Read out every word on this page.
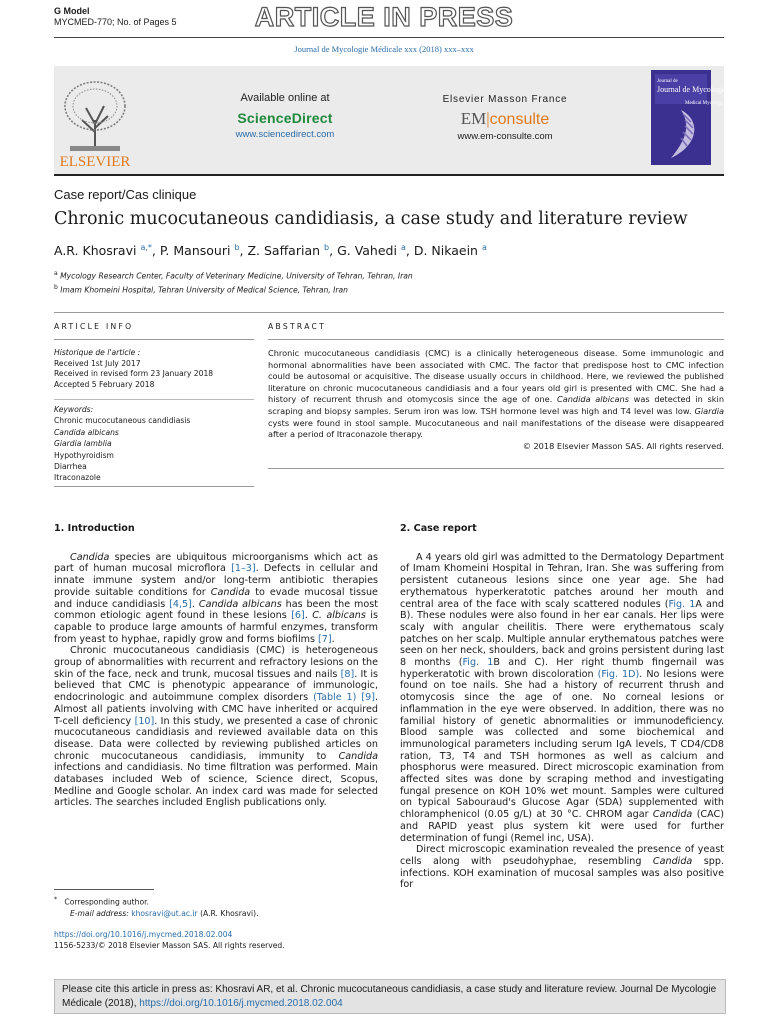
G Model
MYCMED-770; No. of Pages 5	ARTICLE IN PRESS
Journal de Mycologie Médicale xxx (2018) xxx–xxx
ELSEVIER
Available online at
ScienceDirect
www.sciencedirect.com
Elsevier Masson France
EM|consulte
www.em-consulte.com
Journal de
Journal de Mycologie Médicale
Medical Mycology
Case report/Cas clinique
Chronic mucocutaneous candidiasis, a case study and literature review
A.R. Khosravi $^{a,*}$, P. Mansouri $^b$, Z. Saffarian $^b$, G. Vahedi $^a$, D. Nikaein $^a$
$^a$ Mycology Research Center, Faculty of Veterinary Medicine, University of Tehran, Tehran, Iran
$^b$ Imam Khomeini Hospital, Tehran University of Medical Science, Tehran, Iran
ARTICLE INFO	ABSTRACT
Historique de l'article :
Received 1st July 2017
Received in revised form 23 January 2018
Accepted 5 February 2018
Keywords:
Chronic mucocutaneous candidiasis
Candida albicans
Giardia lamblia
Hypothyroidism
Diarrhea
Itraconazole
Chronic mucocutaneous candidiasis (CMC) is a clinically heterogeneous disease. Some immunologic and hormonal abnormalities have been associated with CMC. The factor that predispose host to CMC infection could be autosomal or acquisitive. The disease usually occurs in childhood. Here, we reviewed the published literature on chronic mucocutaneous candidiasis and a four years old girl is presented with CMC. She had a history of recurrent thrush and otomycosis since the age of one. Candida albicans was detected in skin scraping and biopsy samples. Serum iron was low. TSH hormone level was high and T4 level was low. Giardia cysts were found in stool sample. Mucocutaneous and nail manifestations of the disease were disappeared after a period of Itraconazole therapy.
© 2018 Elsevier Masson SAS. All rights reserved.
1. Introduction

Candida species are ubiquitous microorganisms which act as part of human mucosal microflora [1–3]. Defects in cellular and innate immune system and/or long-term antibiotic therapies provide suitable conditions for Candida to evade mucosal tissue and induce candidiasis [4,5]. Candida albicans has been the most common etiologic agent found in these lesions [6]. C. albicans is capable to produce large amounts of harmful enzymes, transform from yeast to hyphae, rapidly grow and forms biofilms [7].

Chronic mucocutaneous candidiasis (CMC) is heterogeneous group of abnormalities with recurrent and refractory lesions on the skin of the face, neck and trunk, mucosal tissues and nails [8]. It is believed that CMC is phenotypic appearance of immunologic, endocrinologic and autoimmune complex disorders (Table 1) [9]. Almost all patients involving with CMC have inherited or acquired T-cell deficiency [10]. In this study, we presented a case of chronic mucocutaneous candidiasis and reviewed available data on this disease. Data were collected by reviewing published articles on chronic mucocutaneous candidiasis, immunity to Candida infections and candidiasis. No time filtration was performed. Main databases included Web of science, Science direct, Scopus, Medline and Google scholar. An index card was made for selected articles. The searches included English publications only.

2. Case report

A 4 years old girl was admitted to the Dermatology Department of Imam Khomeini Hospital in Tehran, Iran. She was suffering from persistent cutaneous lesions since one year age. She had erythematous hyperkeratotic patches around her mouth and central area of the face with scaly scattered nodules (Fig. 1A and B). These nodules were also found in her ear canals. Her lips were scaly with angular cheilitis. There were erythematous scaly patches on her scalp. Multiple annular erythematous patches were seen on her neck, shoulders, back and groins persistent during last 8 months (Fig. 1B and C). Her right thumb fingernail was hyperkeratotic with brown discoloration (Fig. 1D). No lesions were found on toe nails. She had a history of recurrent thrush and otomycosis since the age of one. No corneal lesions or inflammation in the eye were observed. In addition, there was no familial history of genetic abnormalities or immunodeficiency. Blood sample was collected and some biochemical and immunological parameters including serum IgA levels, T CD4/CD8 ration, T3, T4 and TSH hormones as well as calcium and phosphorus were measured. Direct microscopic examination from affected sites was done by scraping method and investigating fungal presence on KOH 10% wet mount. Samples were cultured on typical Sabouraud's Glucose Agar (SDA) supplemented with chloramphenicol (0.05 g/L) at 30 °C. CHROM agar Candida (CAC) and RAPID yeast plus system kit were used for further determination of fungi (Remel inc, USA).

Direct microscopic examination revealed the presence of yeast cells along with pseudohyphae, resembling Candida spp. infections. KOH examination of mucosal samples was also positive for

* Corresponding author.
E-mail address: khosravi@ut.ac.ir (A.R. Khosravi).
https://doi.org/10.1016/j.mycmed.2018.02.004
1156-5233/© 2018 Elsevier Masson SAS. All rights reserved.
Please cite this article in press as: Khosravi AR, et al. Chronic mucocutaneous candidiasis, a case study and literature review. Journal De Mycologie Médicale (2018), https://doi.org/10.1016/j.mycmed.2018.02.004
